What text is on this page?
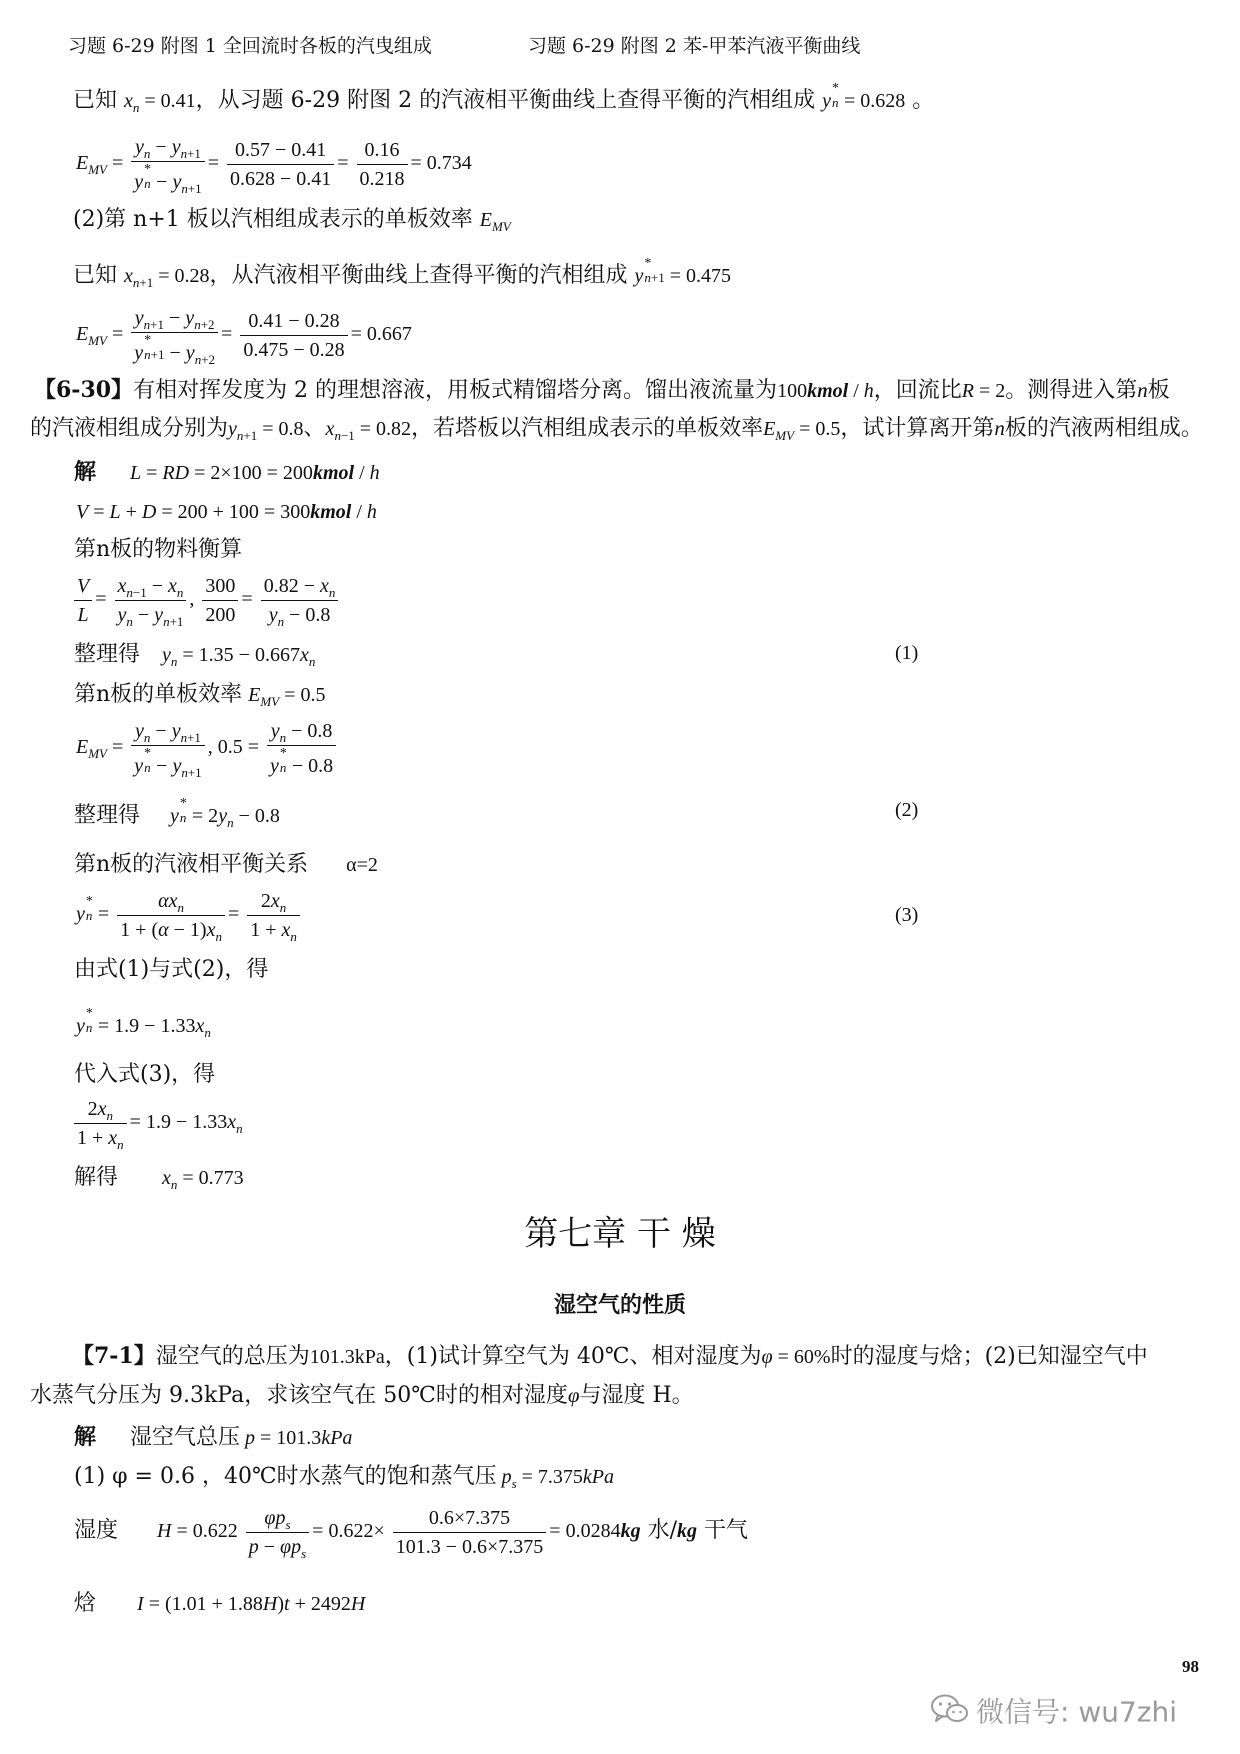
习题 6-29 附图 1 全回流时各板的汽曳组成	习题 6-29 附图 2 苯-甲苯汽液平衡曲线
已知 $x_n = 0.41$，从习题 6-29 附图 2 的汽液相平衡曲线上查得平衡的汽相组成 y
*
n = 0.628 。
$E_{MV} = y_n - y_{n+1}$
y
*
$n - y_{n+1} = \frac{0.57 - 0.41}{0.628 - 0.41} = \frac{0.16}{0.218} = 0.734$
(2)第 n+1 板以汽相组成表示的单板效率 $E_{MV}$
已知 $x_{n+1} = 0.28$，从汽液相平衡曲线上查得平衡的汽相组成 y
*
n+1 = 0.475
$E_{MV} = y_{n+1} - y_{n+2}$
y
*
$n+1 - y_{n+2} = \frac{0.41 - 0.28}{0.475 - 0.28} = 0.667$
【6-30】有相对挥发度为 2 的理想溶液，用板式精馏塔分离。馏出液流量为100kmol / h，回流比R = 2。测得进入第n板
的汽液相组成分别为$y_{n+1} = 0.8$、$x_{n-1} = 0.82$，若塔板以汽相组成表示的单板效率$E_{MV} = 0.5$，试计算离开第n板的汽液两相组成。
解 L = RD = 2×100 = 200kmol / h
V = L + D = 200 + 100 = 300kmol / h
第n板的物料衡算
$\frac{V}{L} = \frac{x_{n-1} - x_n}{y_n - y_{n+1}}$ , $\frac{300}{200} = \frac{0.82 - x_n}{y_n - 0.8}$
整理得 $y_n = 1.35 - 0.667x_n$	(1)
第n板的单板效率 $E_{MV} = 0.5$
$E_{MV} = y_n - y_{n+1}$
y
*
$n - y_{n+1}$ , $0.5 = y_n - 0.8$
y
*
n − 0.8
整理得 y
*
$n = 2y_n - 0.8$	(2)
第n板的汽液相平衡关系 α=2
y
*
$n = \frac{\alpha x_n}{1 + (\alpha - 1)x_n} = \frac{2x_n}{1 + x_n}$	(3)
由式(1)与式(2)，得
y
*
$n = 1.9 - 1.33x_n$
代入式(3)，得
$\frac{2x_n}{1 + x_n} = 1.9 - 1.33x_n$
解得 $x_n = 0.773$
第七章 干 燥
湿空气的性质
【7-1】湿空气的总压为101.3kPa，(1)试计算空气为 40℃、相对湿度为φ = 60%时的湿度与焓；(2)已知湿空气中
水蒸气分压为 9.3kPa，求该空气在 50℃时的相对湿度φ与湿度 H。
解 湿空气总压 p = 101.3kPa
(1) φ = 0.6 ，40℃时水蒸气的饱和蒸气压 $p_s = 7.375kPa$
湿度 $H = 0.622 \frac{\varphi p_s}{p - \varphi p_s} = 0.622\times \frac{0.6\times 7.375}{101.3 - 0.6\times 7.375} = 0.0284kg$ 水/kg 干气
焓 I = (1.01 + 1.88H)t + 2492H
98
微信号: wu7zhi
